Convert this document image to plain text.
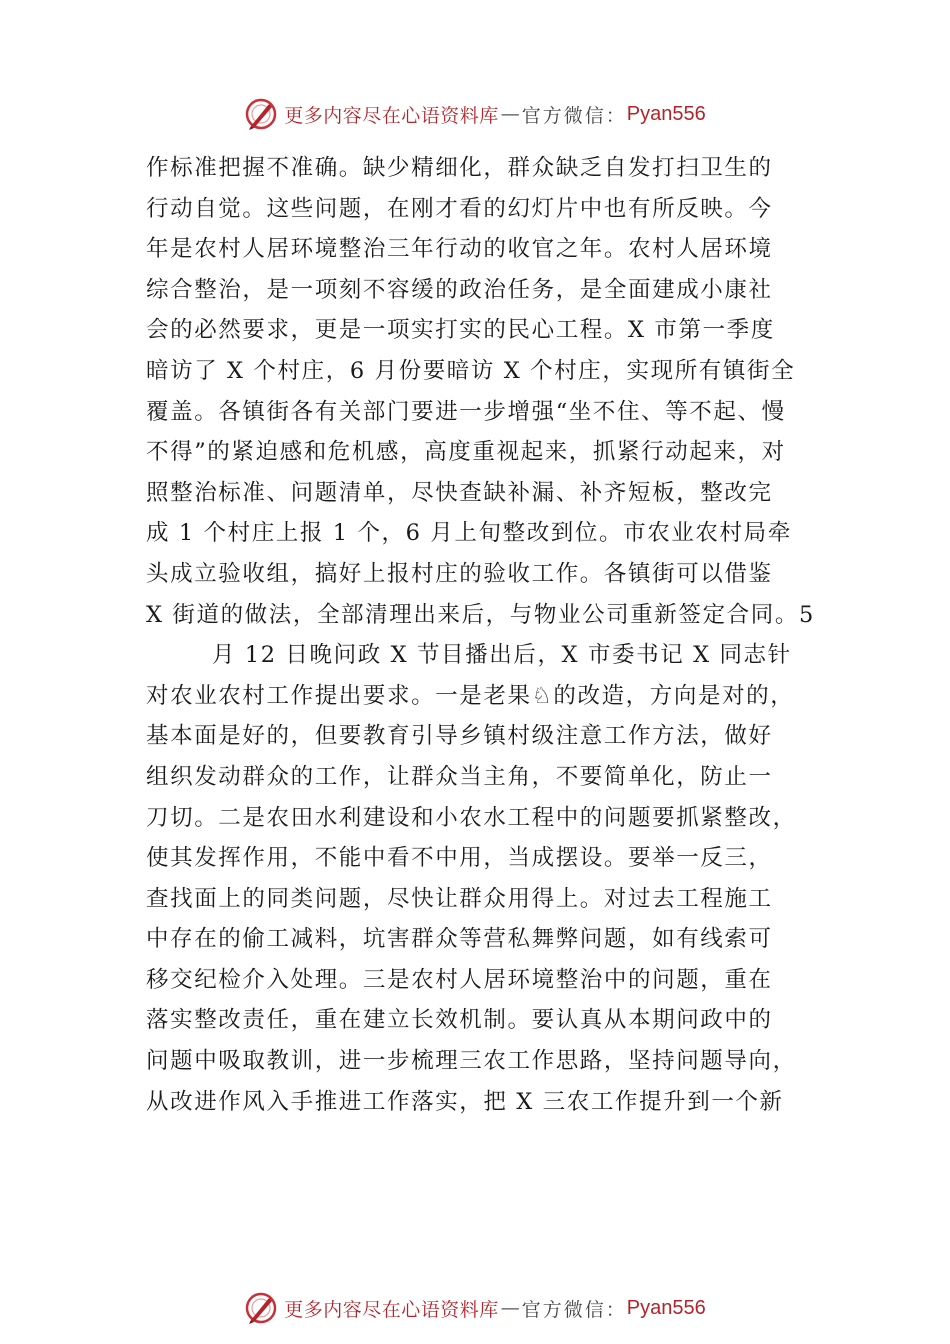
更多内容尽在心语资料库 — 官方微信： Pyan556
作标准把握不准确。缺少精细化，群众缺乏自发打扫卫生的
行动自觉。这些问题，在刚才看的幻灯片中也有所反映。今
年是农村人居环境整治三年行动的收官之年。农村人居环境
综合整治，是一项刻不容缓的政治任务，是全面建成小康社
会的必然要求，更是一项实打实的民心工程。X 市第一季度
暗访了 X 个村庄，6 月份要暗访 X 个村庄，实现所有镇街全
覆盖。各镇街各有关部门要进一步增强“坐不住、等不起、慢
不得”的紧迫感和危机感，高度重视起来，抓紧行动起来，对
照整治标准、问题清单，尽快查缺补漏、补齐短板，整改完
成 1 个村庄上报 1 个，6 月上旬整改到位。市农业农村局牵
头成立验收组，搞好上报村庄的验收工作。各镇街可以借鉴
X 街道的做法，全部清理出来后，与物业公司重新签定合同。5
月 12 日晚问政 X 节目播出后，X 市委书记 X 同志针
对农业农村工作提出要求。一是老果♘的改造，方向是对的，
基本面是好的，但要教育引导乡镇村级注意工作方法，做好
组织发动群众的工作，让群众当主角，不要简单化，防止一
刀切。二是农田水利建设和小农水工程中的问题要抓紧整改，
使其发挥作用，不能中看不中用，当成摆设。要举一反三，
查找面上的同类问题，尽快让群众用得上。对过去工程施工
中存在的偷工减料，坑害群众等营私舞弊问题，如有线索可
移交纪检介入处理。三是农村人居环境整治中的问题，重在
落实整改责任，重在建立长效机制。要认真从本期问政中的
问题中吸取教训，进一步梳理三农工作思路，坚持问题导向，
从改进作风入手推进工作落实，把 X 三农工作提升到一个新
更多内容尽在心语资料库 — 官方微信： Pyan556
